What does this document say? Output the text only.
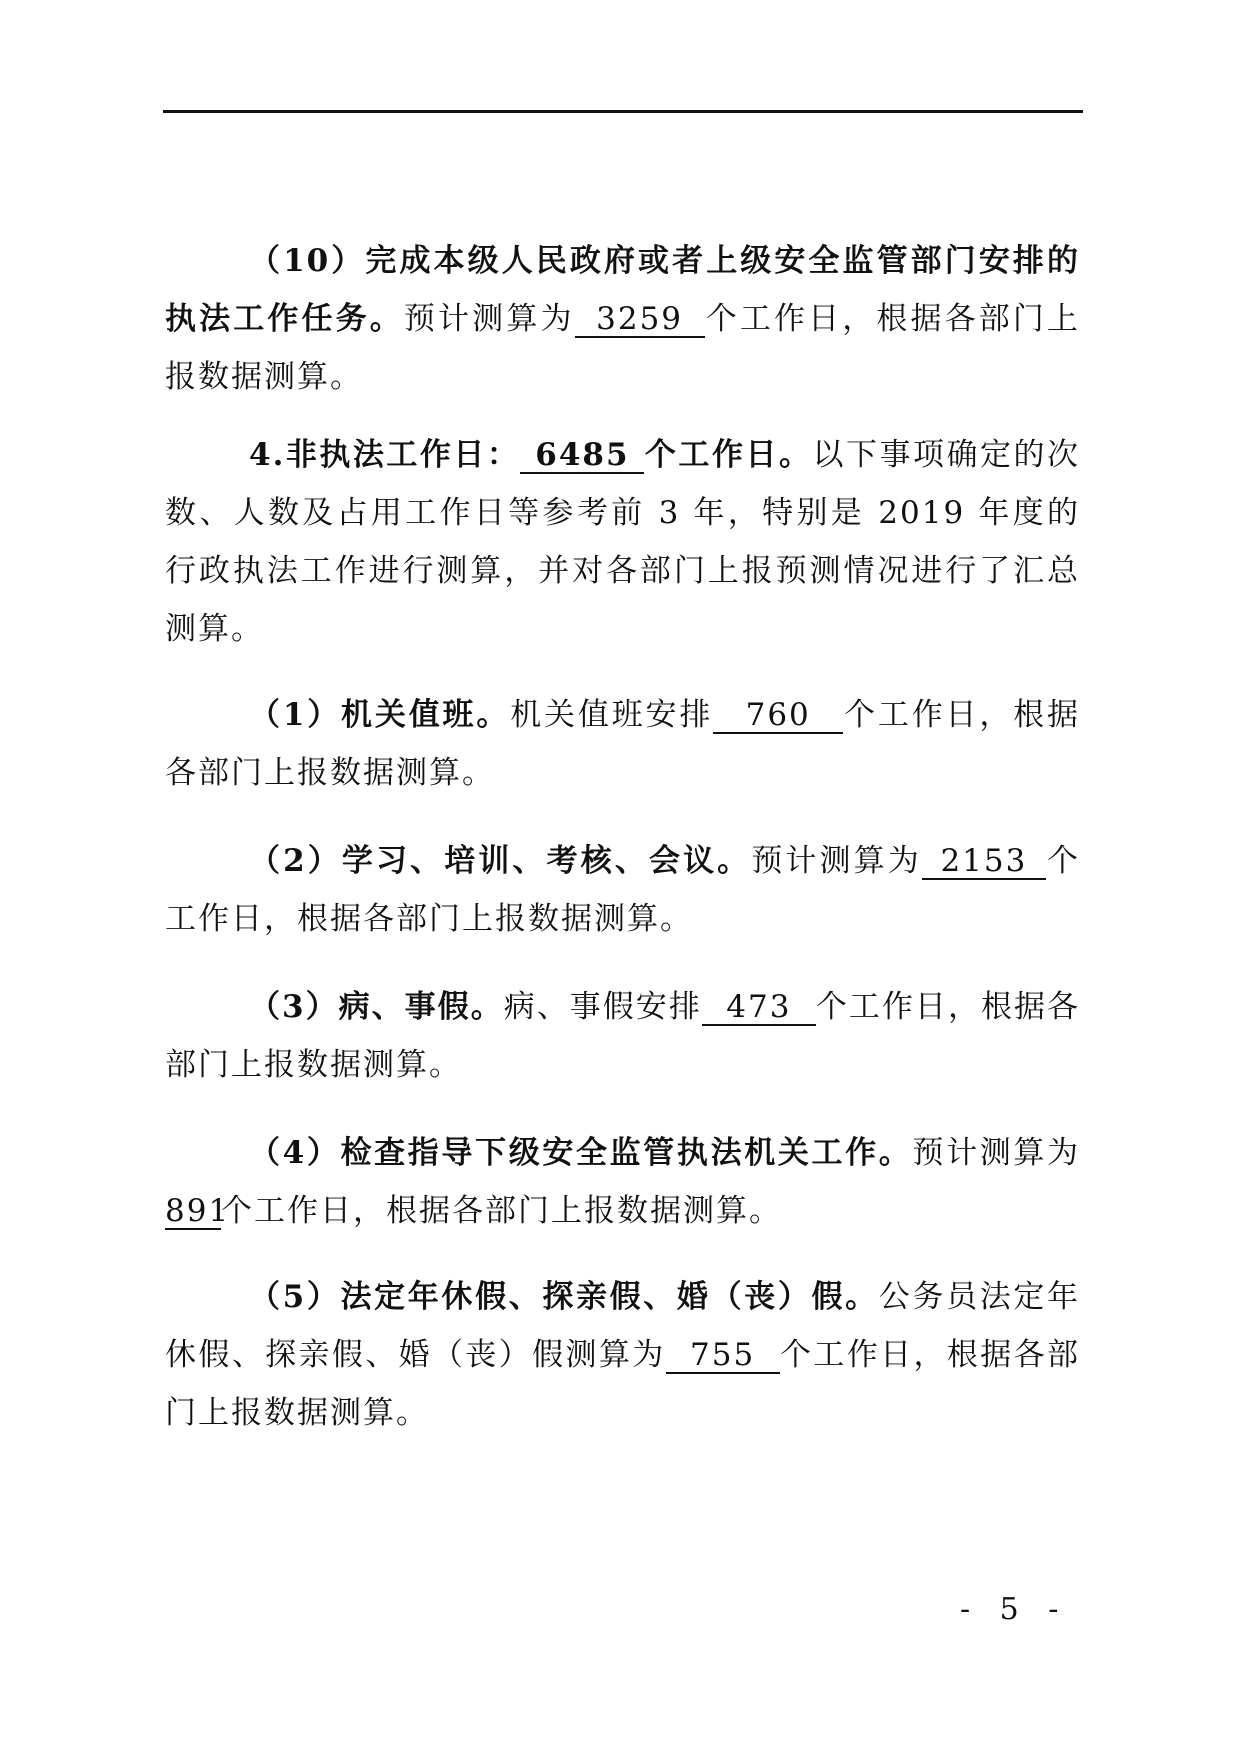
（10）完成本级人民政府或者上级安全监管部门安排的执法工作任务。预计测算为 3259 个工作日，根据各部门上报数据测算。

4.非执法工作日： 6485 个工作日。以下事项确定的次数、人数及占用工作日等参考前 3 年，特别是 2019 年度的行政执法工作进行测算，并对各部门上报预测情况进行了汇总测算。

（1）机关值班。机关值班安排 760 个工作日，根据各部门上报数据测算。

（2）学习、培训、考核、会议。预计测算为 2153 个工作日，根据各部门上报数据测算。

（3）病、事假。病、事假安排 473 个工作日，根据各部门上报数据测算。

（4）检查指导下级安全监管执法机关工作。预计测算为891个工作日，根据各部门上报数据测算。

（5）法定年休假、探亲假、婚（丧）假。公务员法定年休假、探亲假、婚（丧）假测算为 755 个工作日，根据各部门上报数据测算。

- 5 -
